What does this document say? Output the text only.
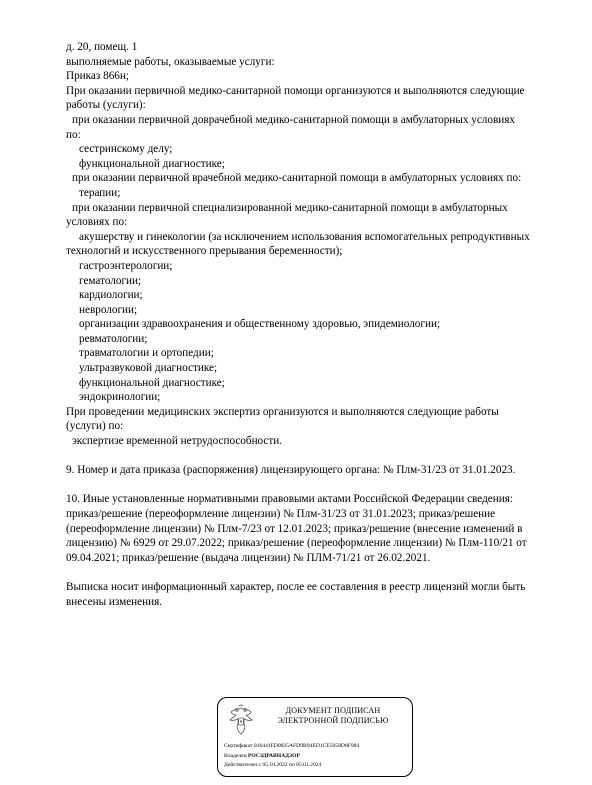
д. 20, помещ. 1
выполняемые работы, оказываемые услуги:
Приказ 866н;
При оказании первичной медико-санитарной помощи организуются и выполняются следующие
работы (услуги):
при оказании первичной доврачебной медико-санитарной помощи в амбулаторных условиях
по:
сестринскому делу;
функциональной диагностике;
при оказании первичной врачебной медико-санитарной помощи в амбулаторных условиях по:
терапии;
при оказании первичной специализированной медико-санитарной помощи в амбулаторных
условиях по:
акушерству и гинекологии (за исключением использования вспомогательных репродуктивных
технологий и искусственного прерывания беременности);
гастроэнтерологии;
гематологии;
кардиологии;
неврологии;
организации здравоохранения и общественному здоровью, эпидемиологии;
ревматологии;
травматологии и ортопедии;
ультразвуковой диагностике;
функциональной диагностике;
эндокринологии;
При проведении медицинских экспертиз организуются и выполняются следующие работы
(услуги) по:
экспертизе временной нетрудоспособности.
9. Номер и дата приказа (распоряжения) лицензирующего органа: № Плм-31/23 от 31.01.2023.
10. Иные установленные нормативными правовыми актами Российской Федерации сведения:
приказ/решение (переоформление лицензии) № Плм-31/23 от 31.01.2023; приказ/решение
(переоформление лицензии) № Плм-7/23 от 12.01.2023; приказ/решение (внесение изменений в
лицензию) № 6929 от 29.07.2022; приказ/решение (переоформление лицензии) № Плм-110/21 от
09.04.2021; приказ/решение (выдача лицензии) № ПЛМ-71/21 от 26.02.2021.
Выписка носит информационный характер, после ее составления в реестр лицензий могли быть
внесены изменения.
ДОКУМЕНТ ПОДПИСАН
ЭЛЕКТРОННОЙ ПОДПИСЬЮ
Сертификат 016441FD0025AFD9B94ED1CE5058D8F984
Владелец РОСЗДРАВНАДЗОР
Действителен с 05.10.2022 по 05.01.2024
